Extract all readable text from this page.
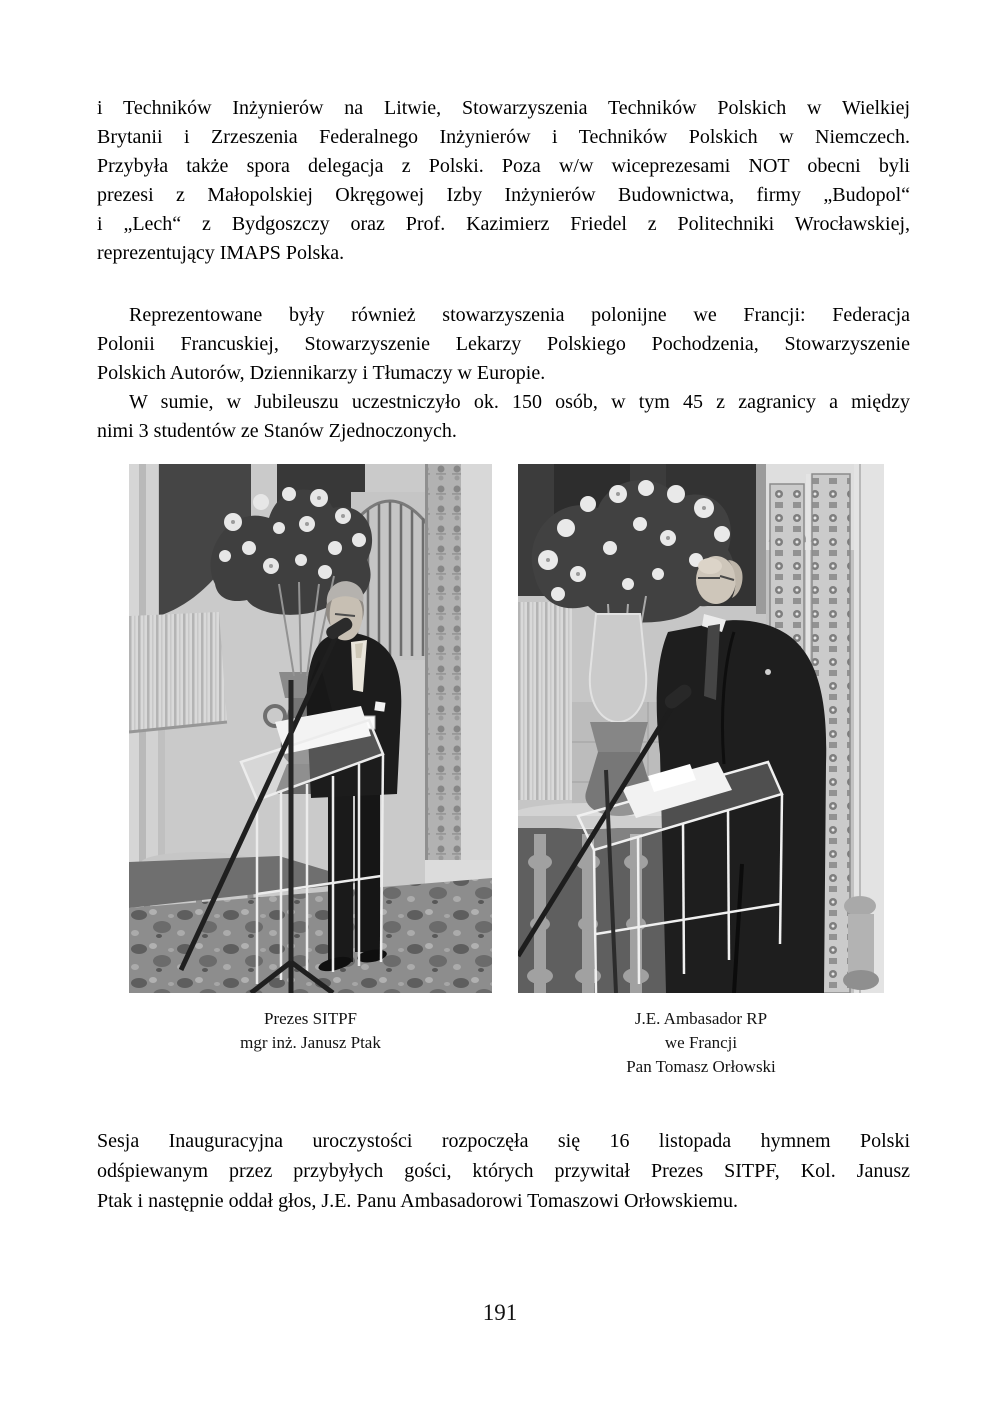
i Techników Inżynierów na Litwie, Stowarzyszenia Techników Polskich w Wielkiej
Brytanii i Zrzeszenia Federalnego Inżynierów i Techników Polskich w Niemczech.
Przybyła także spora delegacja z Polski. Poza w/w wiceprezesami NOT obecni byli
prezesi z Małopolskiej Okręgowej Izby Inżynierów Budownictwa, firmy „Budopol“
i „Lech“ z Bydgoszczy oraz Prof. Kazimierz Friedel z Politechniki Wrocławskiej,
reprezentujący IMAPS Polska.
Reprezentowane były również stowarzyszenia polonijne we Francji: Federacja
Polonii Francuskiej, Stowarzyszenie Lekarzy Polskiego Pochodzenia, Stowarzyszenie
Polskich Autorów, Dziennikarzy i Tłumaczy w Europie.
W sumie, w Jubileuszu uczestniczyło ok. 150 osób, w tym 45 z zagranicy a między
nimi 3 studentów ze Stanów Zjednoczonych.
Prezes SITPF
mgr inż. Janusz Ptak
J.E. Ambasador RP
we Francji
Pan Tomasz Orłowski
Sesja Inauguracyjna uroczystości rozpoczęła się 16 listopada hymnem Polski
odśpiewanym przez przybyłych gości, których przywitał Prezes SITPF, Kol. Janusz
Ptak i następnie oddał głos, J.E. Panu Ambasadorowi Tomaszowi Orłowskiemu.
191
